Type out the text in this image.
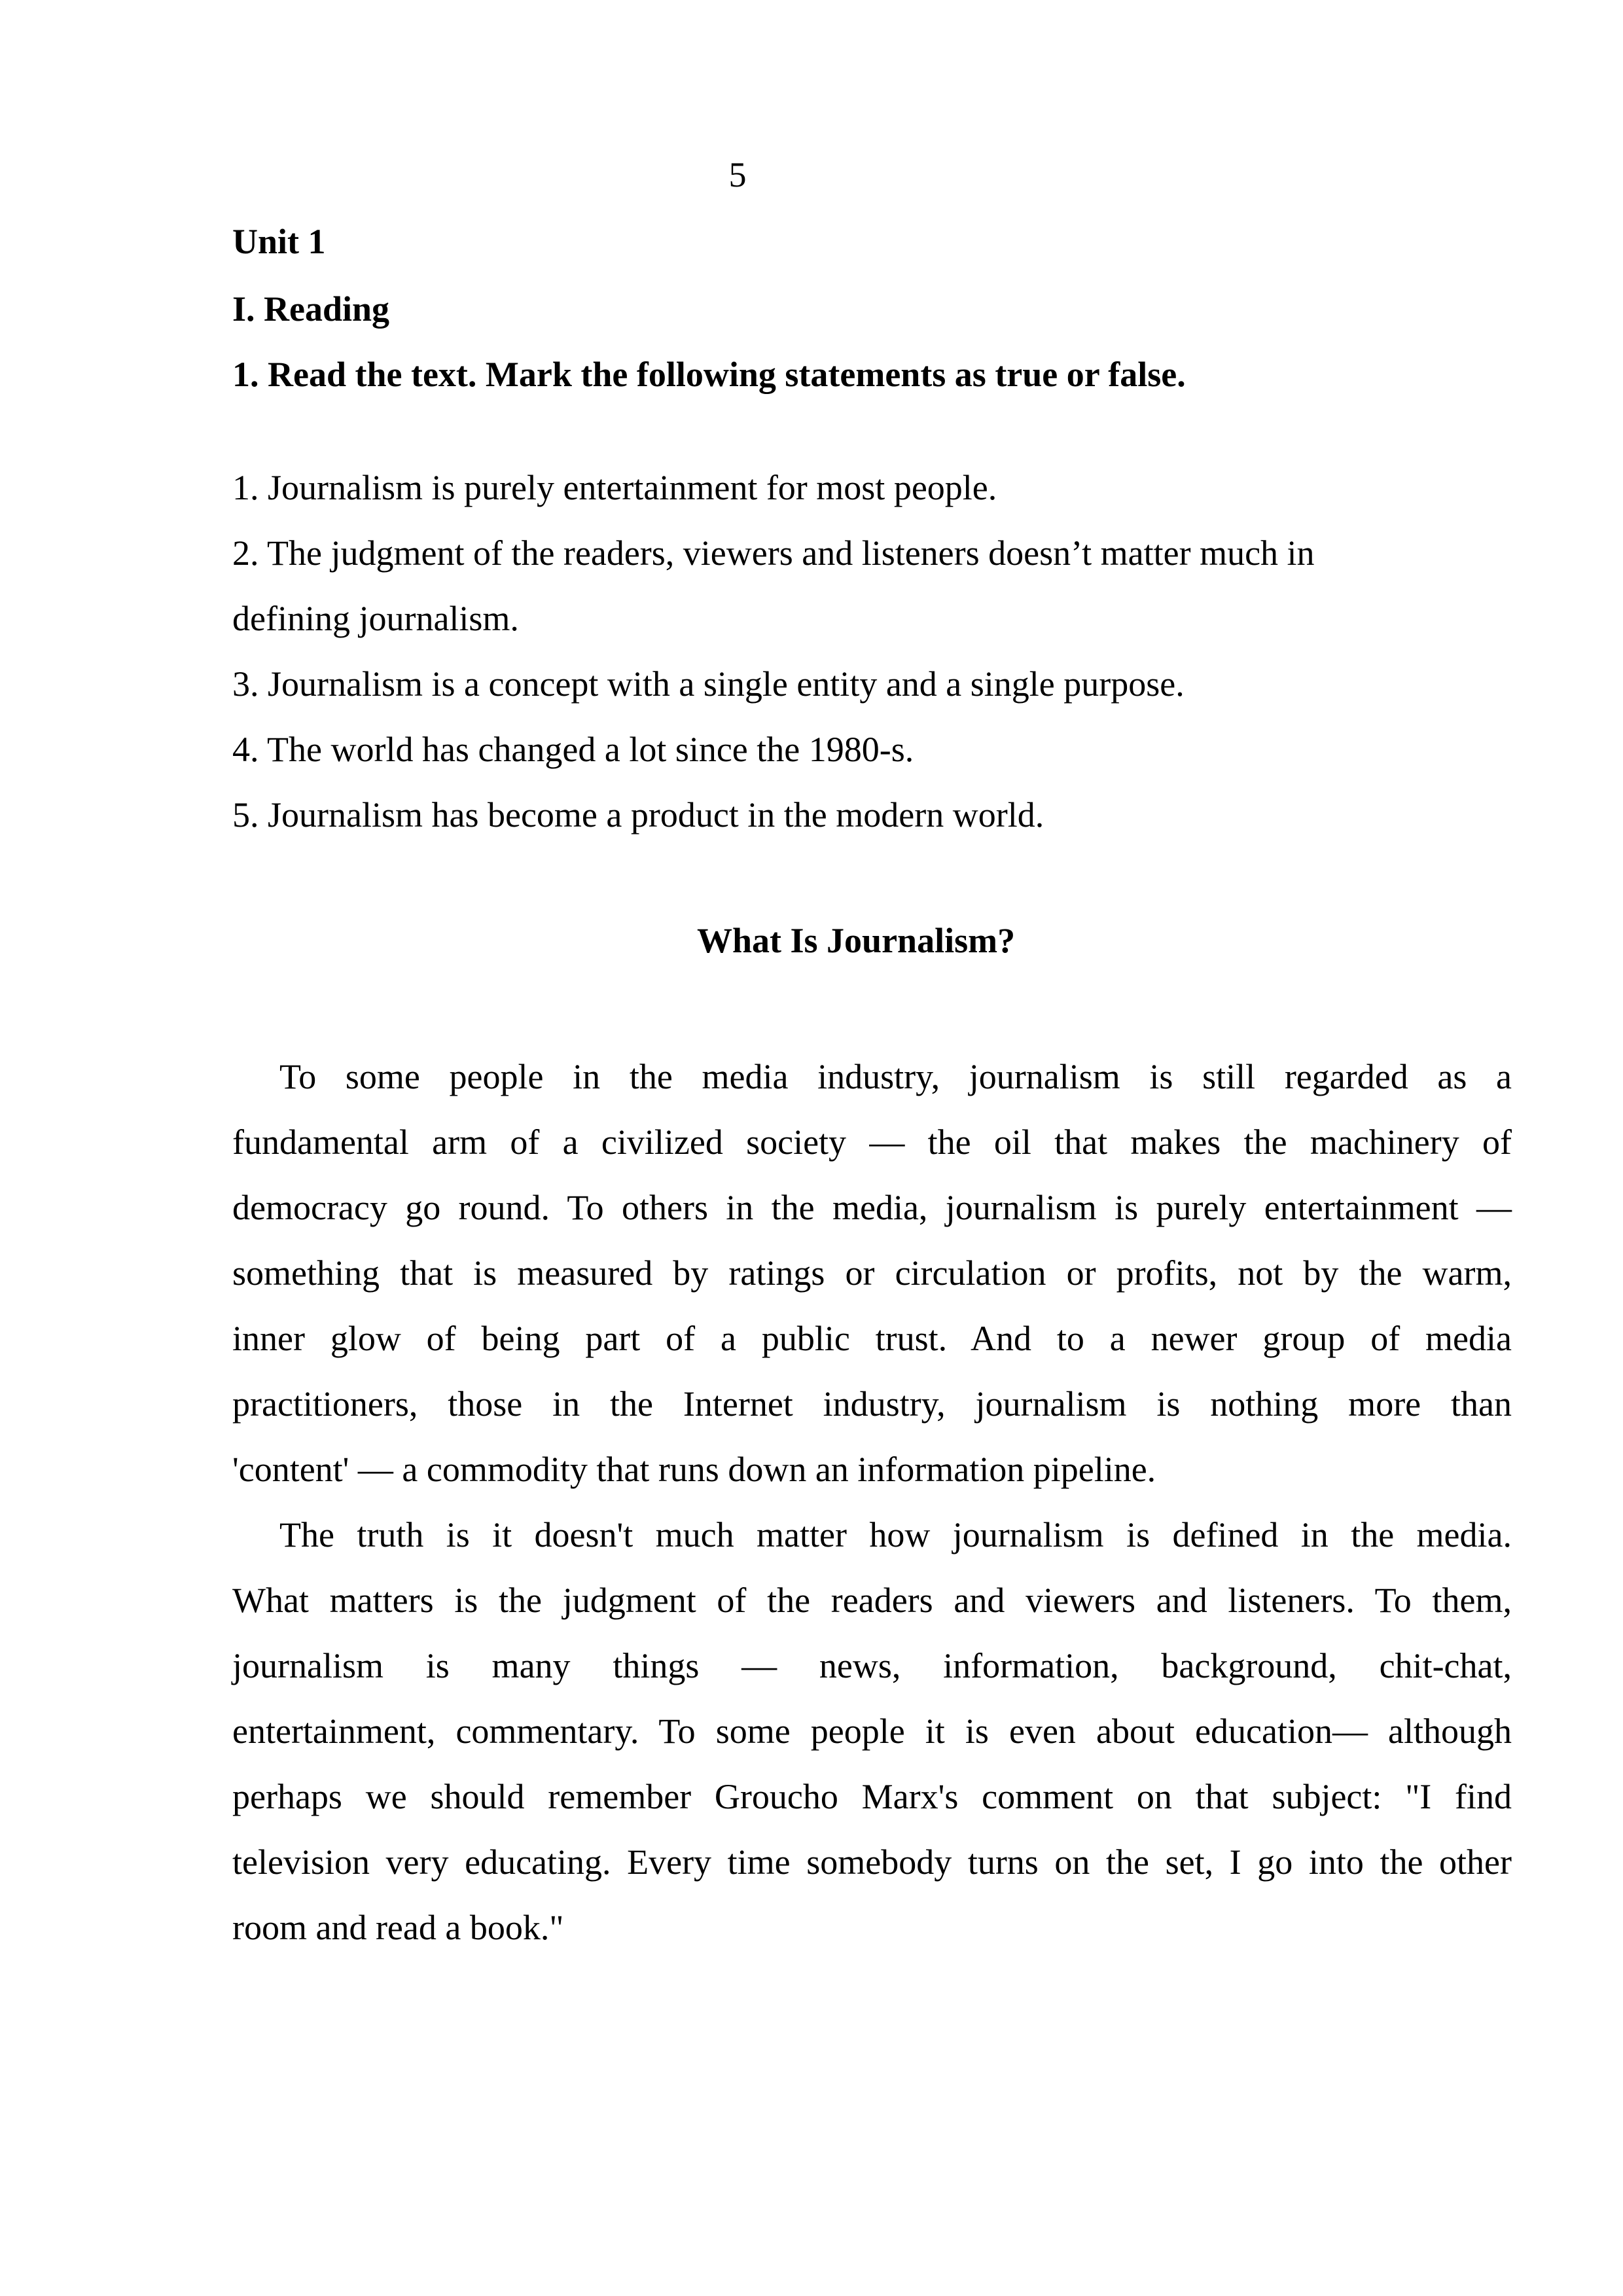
5
Unit 1
I. Reading
1. Read the text. Mark the following statements as true or false.
1. Journalism is purely entertainment for most people.
2. The judgment of the readers, viewers and listeners doesn’t matter much in
defining journalism.
3. Journalism is a concept with a single entity and a single purpose.
4. The world has changed a lot since the 1980-s.
5. Journalism has become a product in the modern world.
What Is Journalism?
To some people in the media industry, journalism is still regarded as a
fundamental arm of a civilized society — the oil that makes the machinery of
democracy go round. To others in the media, journalism is purely entertainment —
something that is measured by ratings or circulation or profits, not by the warm,
inner glow of being part of a public trust. And to a newer group of media
practitioners, those in the Internet industry, journalism is nothing more than
'content' — a commodity that runs down an information pipeline.
The truth is it doesn't much matter how journalism is defined in the media.
What matters is the judgment of the readers and viewers and listeners. To them,
journalism is many things — news, information, background, chit-chat,
entertainment, commentary. To some people it is even about education— although
perhaps we should remember Groucho Marx's comment on that subject: "I find
television very educating. Every time somebody turns on the set, I go into the other
room and read a book."
